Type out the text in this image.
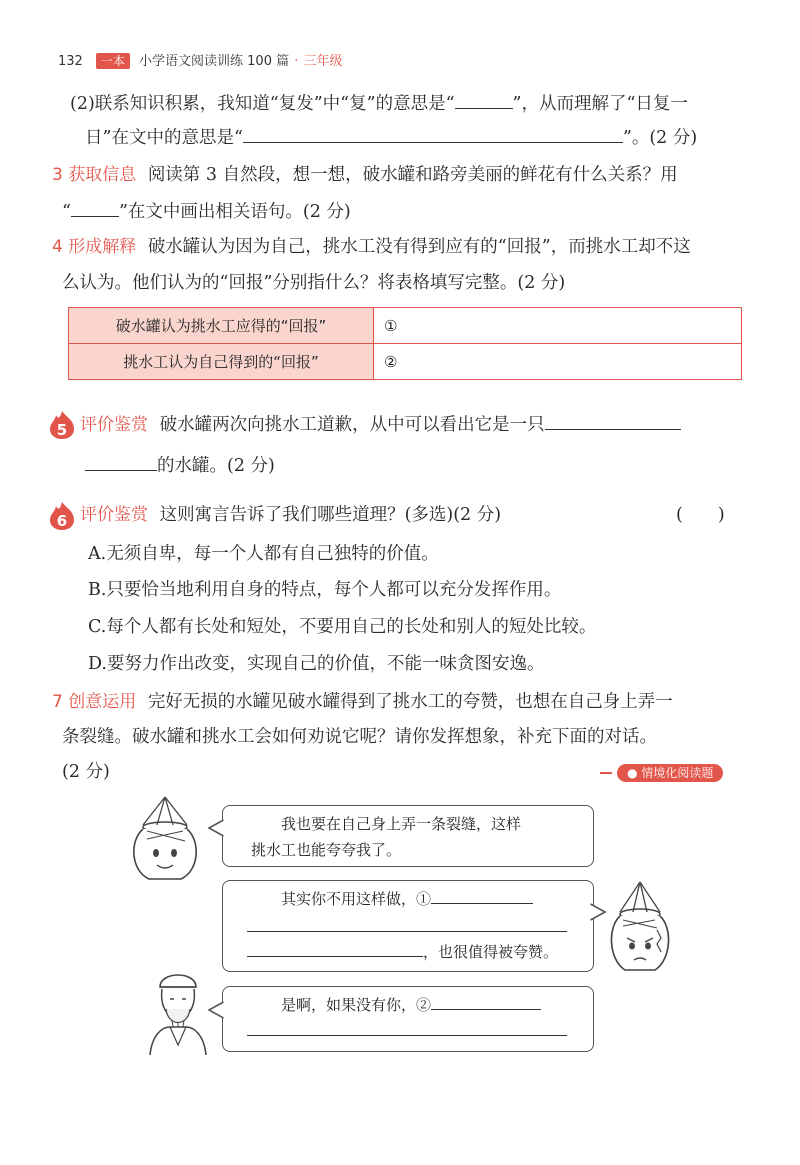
132 一本 小学语文阅读训练 100 篇 · 三年级
(2)联系知识积累，我知道“复发”中“复”的意思是“	”，从而理解了“日复一
日”在文中的意思是“	”。(2 分)
3 获取信息 阅读第 3 自然段，想一想，破水罐和路旁美丽的鲜花有什么关系？用
“	”在文中画出相关语句。(2 分)
4 形成解释 破水罐认为因为自己，挑水工没有得到应有的“回报”，而挑水工却不这
么认为。他们认为的“回报”分别指什么？将表格填写完整。(2 分)
破水罐认为挑水工应得的“回报”	①
挑水工认为自己得到的“回报”	②
5 评价鉴赏 破水罐两次向挑水工道歉，从中可以看出它是一只
的水罐。(2 分)
6 评价鉴赏 这则寓言告诉了我们哪些道理？(多选)(2 分)	(　　)
A.无须自卑，每一个人都有自己独特的价值。
B.只要恰当地利用自身的特点，每个人都可以充分发挥作用。
C.每个人都有长处和短处，不要用自己的长处和别人的短处比较。
D.要努力作出改变，实现自己的价值，不能一味贪图安逸。
7 创意运用 完好无损的水罐见破水罐得到了挑水工的夸赞，也想在自己身上弄一
条裂缝。破水罐和挑水工会如何劝说它呢？请你发挥想象，补充下面的对话。
(2 分)	● 情境化阅读题
我也要在自己身上弄一条裂缝，这样
挑水工也能夸夸我了。
其实你不用这样做，①
，也很值得被夸赞。
是啊，如果没有你，②
